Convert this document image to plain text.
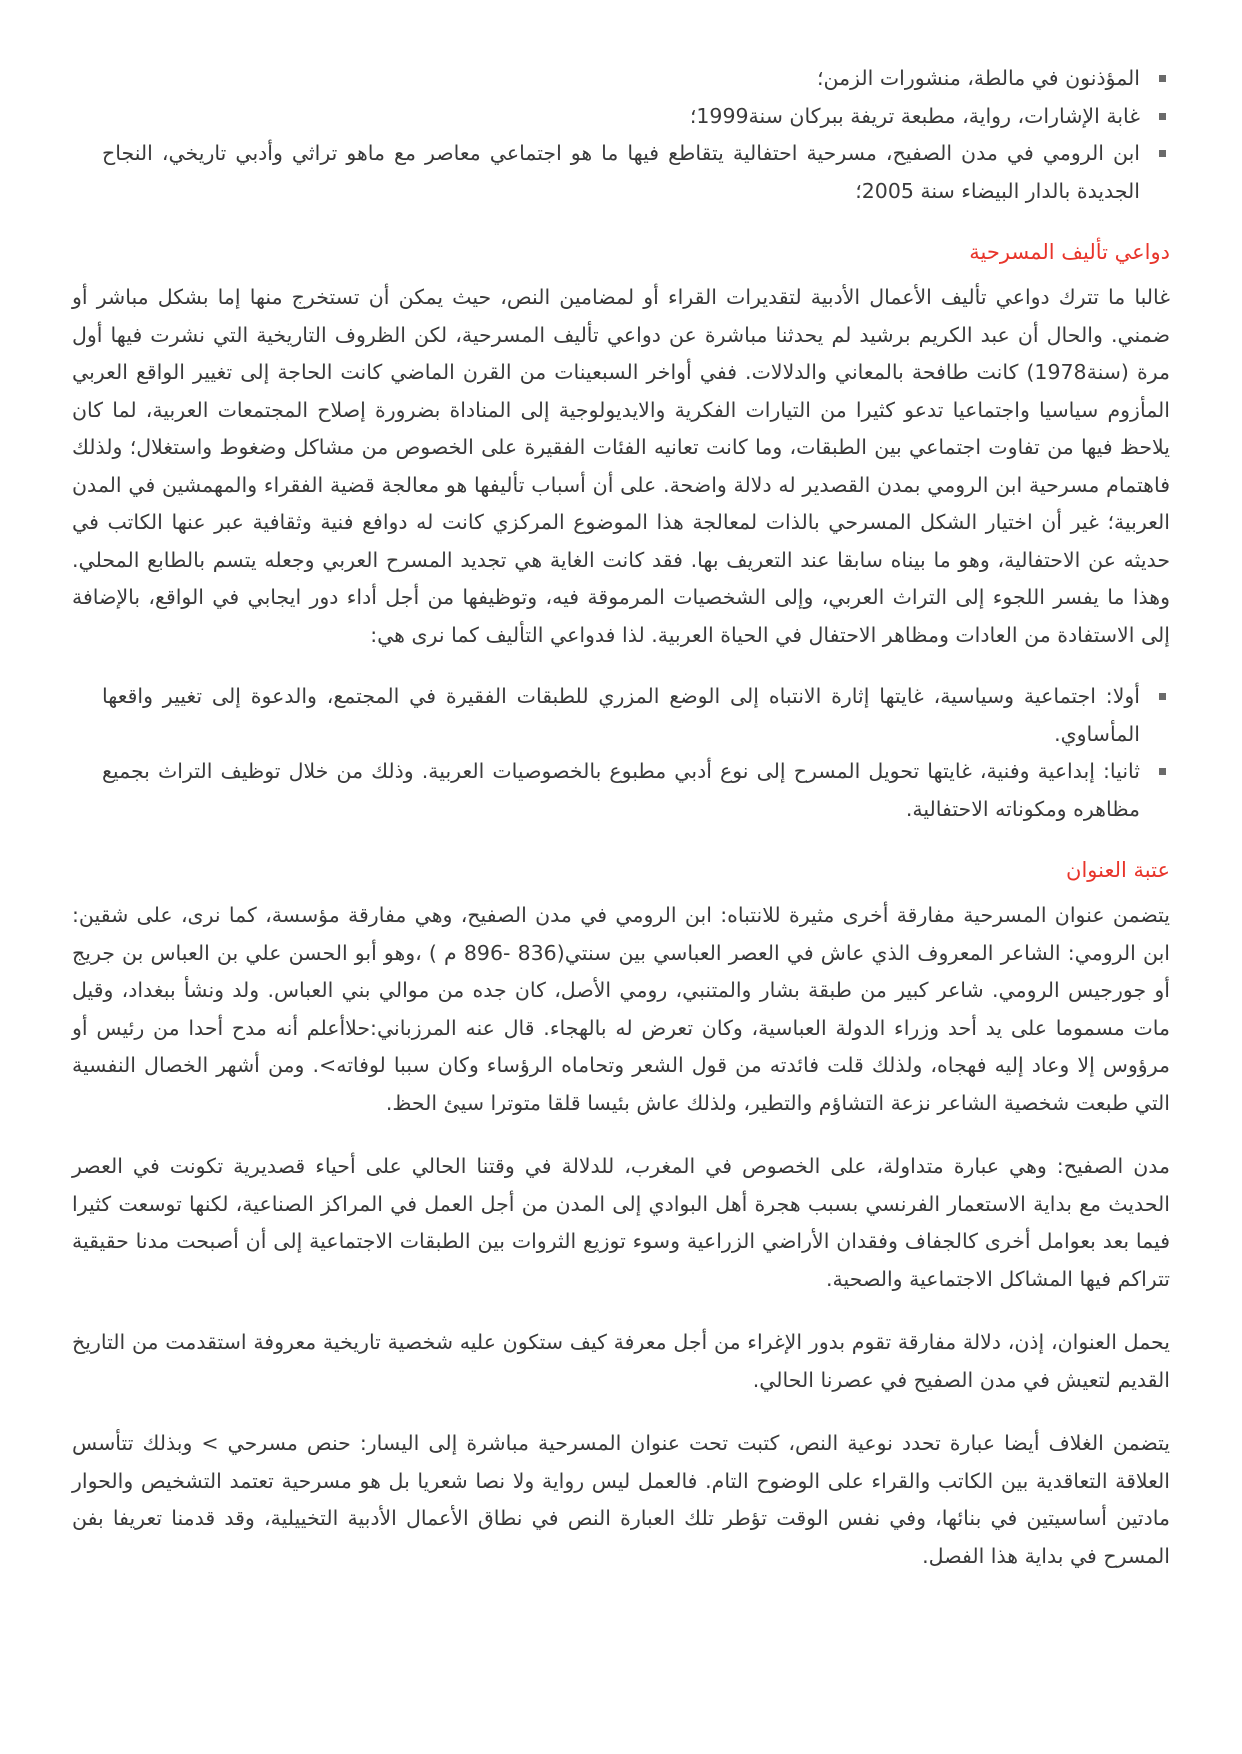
المؤذنون في مالطة، منشورات الزمن؛
غابة الإشارات، رواية، مطبعة تريفة ببركان سنة1999؛
ابن الرومي في مدن الصفيح، مسرحية احتفالية يتقاطع فيها ما هو اجتماعي معاصر مع ماهو تراثي وأدبي تاريخي، النجاح الجديدة بالدار البيضاء سنة 2005؛
دواعي تأليف المسرحية

غالبا ما تترك دواعي تأليف الأعمال الأدبية لتقديرات القراء أو لمضامين النص، حيث يمكن أن تستخرج منها إما بشكل مباشر أو ضمني. والحال أن عبد الكريم برشيد لم يحدثنا مباشرة عن دواعي تأليف المسرحية، لكن الظروف التاريخية التي نشرت فيها أول مرة (سنة1978) كانت طافحة بالمعاني والدلالات. ففي أواخر السبعينات من القرن الماضي كانت الحاجة إلى تغيير الواقع العربي المأزوم سياسيا واجتماعيا تدعو كثيرا من التيارات الفكرية والايديولوجية إلى المناداة بضرورة إصلاح المجتمعات العربية، لما كان يلاحظ فيها من تفاوت اجتماعي بين الطبقات، وما كانت تعانيه الفئات الفقيرة على الخصوص من مشاكل وضغوط واستغلال؛ ولذلك فاهتمام مسرحية ابن الرومي بمدن القصدير له دلالة واضحة. على أن أسباب تأليفها هو معالجة قضية الفقراء والمهمشين في المدن العربية؛ غير أن اختيار الشكل المسرحي بالذات لمعالجة هذا الموضوع المركزي كانت له دوافع فنية وثقافية عبر عنها الكاتب في حديثه عن الاحتفالية، وهو ما بيناه سابقا عند التعريف بها. فقد كانت الغاية هي تجديد المسرح العربي وجعله يتسم بالطابع المحلي. وهذا ما يفسر اللجوء إلى التراث العربي، وإلى الشخصيات المرموقة فيه، وتوظيفها من أجل أداء دور ايجابي في الواقع، بالإضافة إلى الاستفادة من العادات ومظاهر الاحتفال في الحياة العربية. لذا فدواعي التأليف كما نرى هي:

أولا: اجتماعية وسياسية، غايتها إثارة الانتباه إلى الوضع المزري للطبقات الفقيرة في المجتمع، والدعوة إلى تغيير واقعها المأساوي.
ثانيا: إبداعية وفنية، غايتها تحويل المسرح إلى نوع أدبي مطبوع بالخصوصيات العربية. وذلك من خلال توظيف التراث بجميع مظاهره ومكوناته الاحتفالية.
عتبة العنوان

يتضمن عنوان المسرحية مفارقة أخرى مثيرة للانتباه: ابن الرومي في مدن الصفيح، وهي مفارقة مؤسسة، كما نرى، على شقين: ابن الرومي: الشاعر المعروف الذي عاش في العصر العباسي بين سنتي(836 -896 م ) ،وهو أبو الحسن علي بن العباس بن جريج أو جورجيس الرومي. شاعر كبير من طبقة بشار والمتنبي، رومي الأصل، كان جده من موالي بني العباس. ولد ونشأ ببغداد، وقيل مات مسموما على يد أحد وزراء الدولة العباسية، وكان تعرض له بالهجاء. قال عنه المرزباني:حلاأعلم أنه مدح أحدا من رئيس أو مرؤوس إلا وعاد إليه فهجاه، ولذلك قلت فائدته من قول الشعر وتحاماه الرؤساء وكان سببا لوفاته>. ومن أشهر الخصال النفسية التي طبعت شخصية الشاعر نزعة التشاؤم والتطير، ولذلك عاش بئيسا قلقا متوترا سيئ الحظ.

مدن الصفيح: وهي عبارة متداولة، على الخصوص في المغرب، للدلالة في وقتنا الحالي على أحياء قصديرية تكونت في العصر الحديث مع بداية الاستعمار الفرنسي بسبب هجرة أهل البوادي إلى المدن من أجل العمل في المراكز الصناعية، لكنها توسعت كثيرا فيما بعد بعوامل أخرى كالجفاف وفقدان الأراضي الزراعية وسوء توزيع الثروات بين الطبقات الاجتماعية إلى أن أصبحت مدنا حقيقية تتراكم فيها المشاكل الاجتماعية والصحية.

يحمل العنوان، إذن، دلالة مفارقة تقوم بدور الإغراء من أجل معرفة كيف ستكون عليه شخصية تاريخية معروفة استقدمت من التاريخ القديم لتعيش في مدن الصفيح في عصرنا الحالي.

يتضمن الغلاف أيضا عبارة تحدد نوعية النص، كتبت تحت عنوان المسرحية مباشرة إلى اليسار: حنص مسرحي > وبذلك تتأسس العلاقة التعاقدية بين الكاتب والقراء على الوضوح التام. فالعمل ليس رواية ولا نصا شعريا بل هو مسرحية تعتمد التشخيص والحوار مادتين أساسيتين في بنائها، وفي نفس الوقت تؤطر تلك العبارة النص في نطاق الأعمال الأدبية التخييلية، وقد قدمنا تعريفا بفن المسرح في بداية هذا الفصل.
